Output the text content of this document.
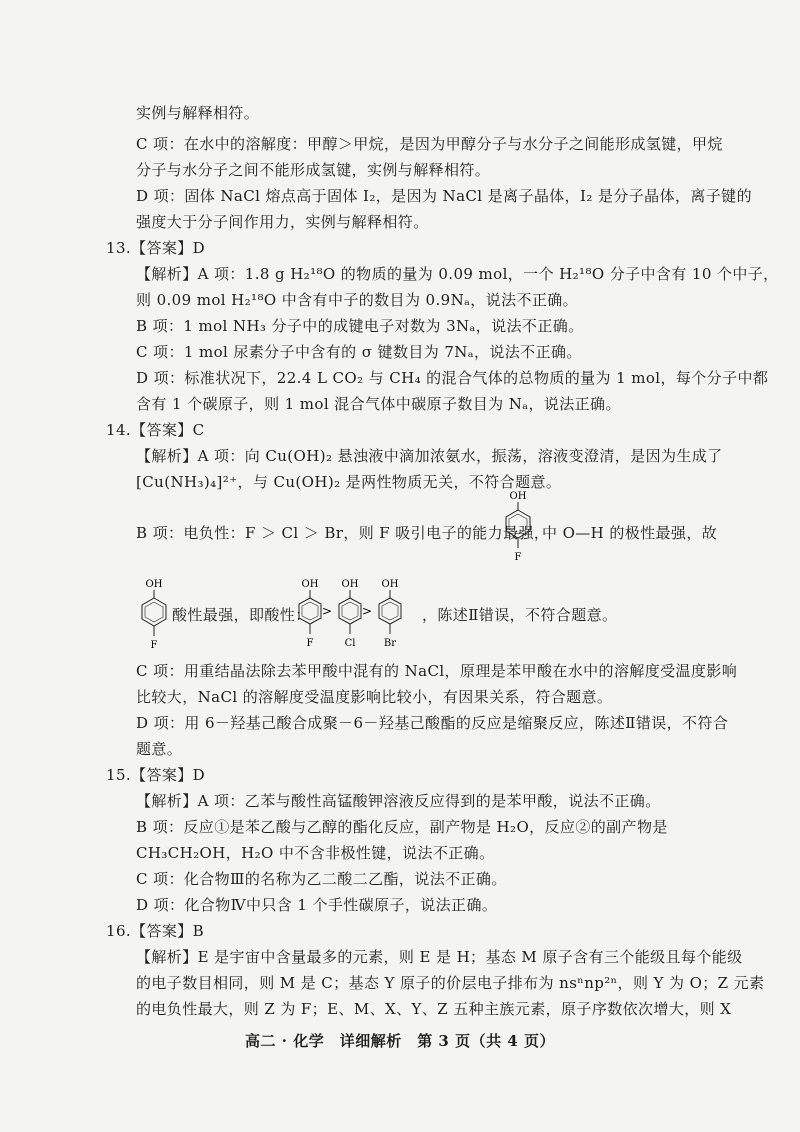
实例与解释相符。
C 项：在水中的溶解度：甲醇＞甲烷，是因为甲醇分子与水分子之间能形成氢键，甲烷
分子与水分子之间不能形成氢键，实例与解释相符。
D 项：固体 NaCl 熔点高于固体 I₂，是因为 NaCl 是离子晶体，I₂ 是分子晶体，离子键的
强度大于分子间作用力，实例与解释相符。
13.【答案】D
【解析】A 项：1.8 g H₂¹⁸O 的物质的量为 0.09 mol，一个 H₂¹⁸O 分子中含有 10 个中子，
则 0.09 mol H₂¹⁸O 中含有中子的数目为 0.9Nₐ，说法不正确。
B 项：1 mol NH₃ 分子中的成键电子对数为 3Nₐ，说法不正确。
C 项：1 mol 尿素分子中含有的 σ 键数目为 7Nₐ，说法不正确。
D 项：标准状况下，22.4 L CO₂ 与 CH₄ 的混合气体的总物质的量为 1 mol，每个分子中都
含有 1 个碳原子，则 1 mol 混合气体中碳原子数目为 Nₐ，说法正确。
14.【答案】C
【解析】A 项：向 Cu(OH)₂ 悬浊液中滴加浓氨水，振荡，溶液变澄清，是因为生成了
[Cu(NH₃)₄]²⁺，与 Cu(OH)₂ 是两性物质无关，不符合题意。
B 项：电负性：F ＞ Cl ＞ Br，则 F 吸引电子的能力最强，
OH
F
中 O—H 的极性最强，故
OH
F
酸性最强，即酸性：
OH
F
>
OH
Cl
>
OH
Br
，陈述Ⅱ错误，不符合题意。
C 项：用重结晶法除去苯甲酸中混有的 NaCl，原理是苯甲酸在水中的溶解度受温度影响
比较大，NaCl 的溶解度受温度影响比较小，有因果关系，符合题意。
D 项：用 6－羟基己酸合成聚－6－羟基己酸酯的反应是缩聚反应，陈述Ⅱ错误，不符合
题意。
15.【答案】D
【解析】A 项：乙苯与酸性高锰酸钾溶液反应得到的是苯甲酸，说法不正确。
B 项：反应①是苯乙酸与乙醇的酯化反应，副产物是 H₂O，反应②的副产物是
CH₃CH₂OH，H₂O 中不含非极性键，说法不正确。
C 项：化合物Ⅲ的名称为乙二酸二乙酯，说法不正确。
D 项：化合物Ⅳ中只含 1 个手性碳原子，说法正确。
16.【答案】B
【解析】E 是宇宙中含量最多的元素，则 E 是 H；基态 M 原子含有三个能级且每个能级
的电子数目相同，则 M 是 C；基态 Y 原子的价层电子排布为 nsⁿnp²ⁿ，则 Y 为 O；Z 元素
的电负性最大，则 Z 为 F；E、M、X、Y、Z 五种主族元素，原子序数依次增大，则 X
高二 · 化学　详细解析　第 3 页（共 4 页）
